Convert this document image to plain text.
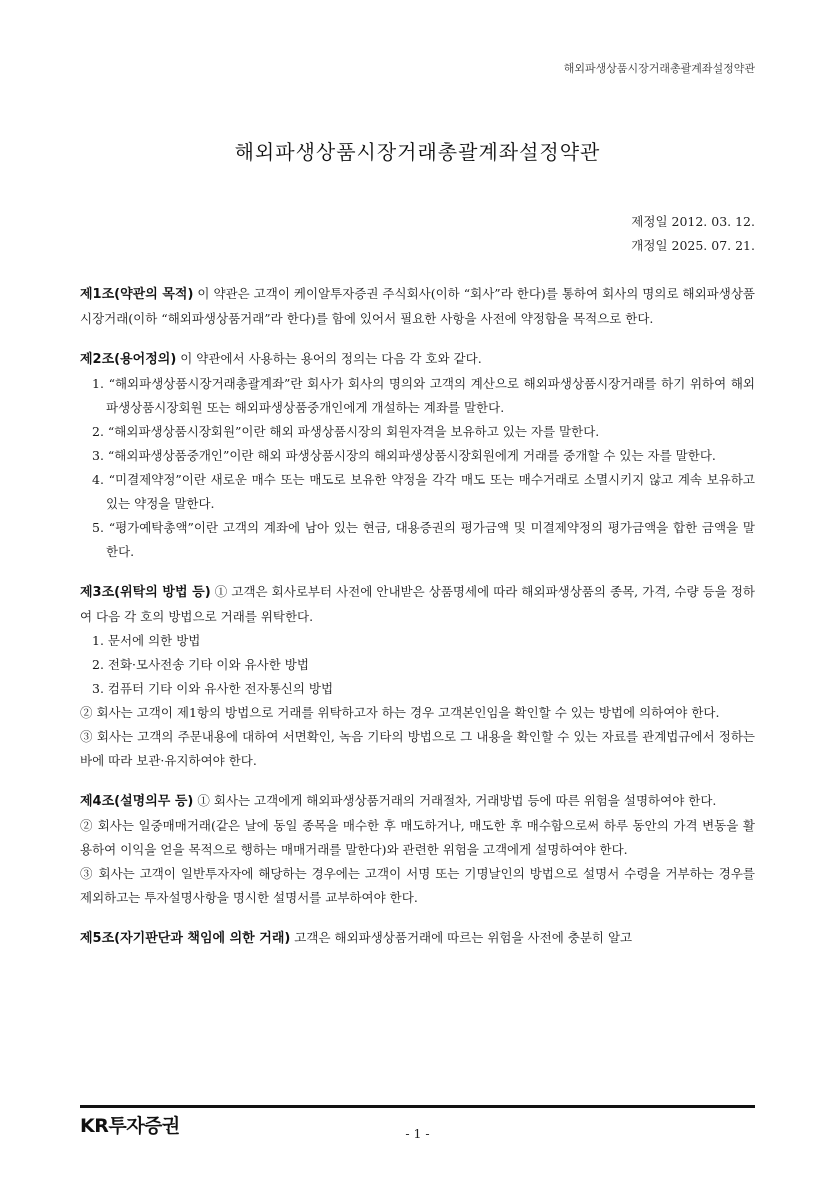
해외파생상품시장거래총괄계좌설정약관
해외파생상품시장거래총괄계좌설정약관
제정일 2012. 03. 12.
개정일 2025. 07. 21.

제1조(약관의 목적) 이 약관은 고객이 케이알투자증권 주식회사(이하 “회사”라 한다)를 통하여 회사의 명의로 해외파생상품시장거래(이하 “해외파생상품거래”라 한다)를 함에 있어서 필요한 사항을 사전에 약정함을 목적으로 한다.

제2조(용어정의) 이 약관에서 사용하는 용어의 정의는 다음 각 호와 같다.

1. “해외파생상품시장거래총괄계좌”란 회사가 회사의 명의와 고객의 계산으로 해외파생상품시장거래를 하기 위하여 해외파생상품시장회원 또는 해외파생상품중개인에게 개설하는 계좌를 말한다.

2. “해외파생상품시장회원”이란 해외 파생상품시장의 회원자격을 보유하고 있는 자를 말한다.

3. “해외파생상품중개인”이란 해외 파생상품시장의 해외파생상품시장회원에게 거래를 중개할 수 있는 자를 말한다.

4. “미결제약정”이란 새로운 매수 또는 매도로 보유한 약정을 각각 매도 또는 매수거래로 소멸시키지 않고 계속 보유하고 있는 약정을 말한다.

5. “평가예탁총액”이란 고객의 계좌에 남아 있는 현금, 대용증권의 평가금액 및 미결제약정의 평가금액을 합한 금액을 말한다.

제3조(위탁의 방법 등) ① 고객은 회사로부터 사전에 안내받은 상품명세에 따라 해외파생상품의 종목, 가격, 수량 등을 정하여 다음 각 호의 방법으로 거래를 위탁한다.

1. 문서에 의한 방법

2. 전화·모사전송 기타 이와 유사한 방법

3. 컴퓨터 기타 이와 유사한 전자통신의 방법

② 회사는 고객이 제1항의 방법으로 거래를 위탁하고자 하는 경우 고객본인임을 확인할 수 있는 방법에 의하여야 한다.

③ 회사는 고객의 주문내용에 대하여 서면확인, 녹음 기타의 방법으로 그 내용을 확인할 수 있는 자료를 관계법규에서 정하는 바에 따라 보관·유지하여야 한다.

제4조(설명의무 등) ① 회사는 고객에게 해외파생상품거래의 거래절차, 거래방법 등에 따른 위험을 설명하여야 한다.

② 회사는 일중매매거래(같은 날에 동일 종목을 매수한 후 매도하거나, 매도한 후 매수함으로써 하루 동안의 가격 변동을 활용하여 이익을 얻을 목적으로 행하는 매매거래를 말한다)와 관련한 위험을 고객에게 설명하여야 한다.

③ 회사는 고객이 일반투자자에 해당하는 경우에는 고객이 서명 또는 기명날인의 방법으로 설명서 수령을 거부하는 경우를 제외하고는 투자설명사항을 명시한 설명서를 교부하여야 한다.

제5조(자기판단과 책임에 의한 거래) 고객은 해외파생상품거래에 따르는 위험을 사전에 충분히 알고

KR투자증권	- 1 -
